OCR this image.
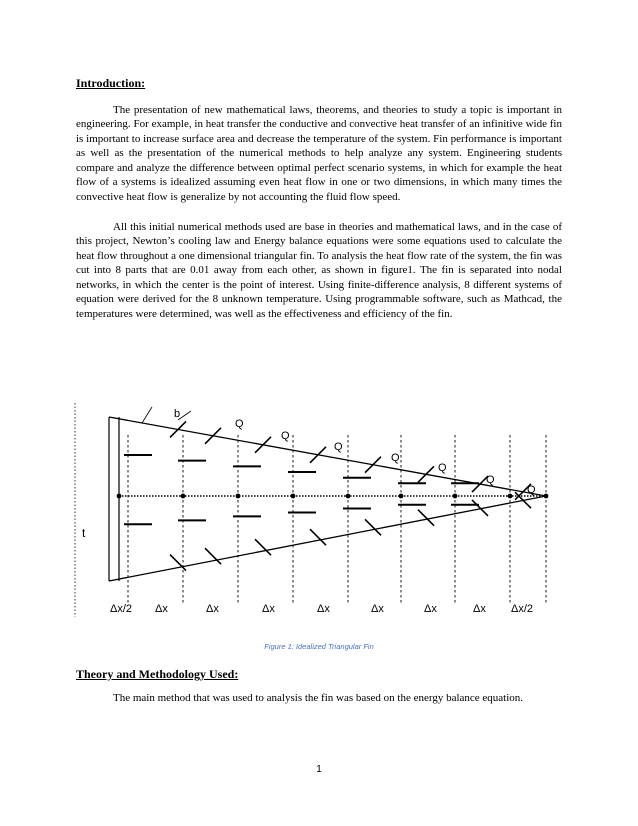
Introduction:

The presentation of new mathematical laws, theorems, and theories to study a topic is important in engineering. For example, in heat transfer the conductive and convective heat transfer of an infinitive wide fin is important to increase surface area and decrease the temperature of the system. Fin performance is important as well as the presentation of the numerical methods to help analyze any system. Engineering students compare and analyze the difference between optimal perfect scenario systems, in which for example the heat flow of a systems is idealized assuming even heat flow in one or two dimensions, in which many times the convective heat flow is generalize by not accounting the fluid flow speed.

All this initial numerical methods used are base in theories and mathematical laws, and in the case of this project, Newton’s cooling law and Energy balance equations were some equations used to calculate the heat flow throughout a one dimensional triangular fin. To analysis the heat flow rate of the system, the fin was cut into 8 parts that are 0.01 away from each other, as shown in figure1. The fin is separated into nodal networks, in which the center is the point of interest. Using finite-difference analysis, 8 different systems of equation were derived for the 8 unknown temperature. Using programmable software, such as Mathcad, the temperatures were determined, was well as the effectiveness and efficiency of the fin.

b
t
Q
Q
Q
Q
Q
Q
Q
Δx/2 Δx	Δx	Δx	Δx	Δx	Δx	Δx Δx/2
Figure 1: Idealized Triangular Fin
Theory and Methodology Used:

The main method that was used to analysis the fin was based on the energy balance equation.

1
